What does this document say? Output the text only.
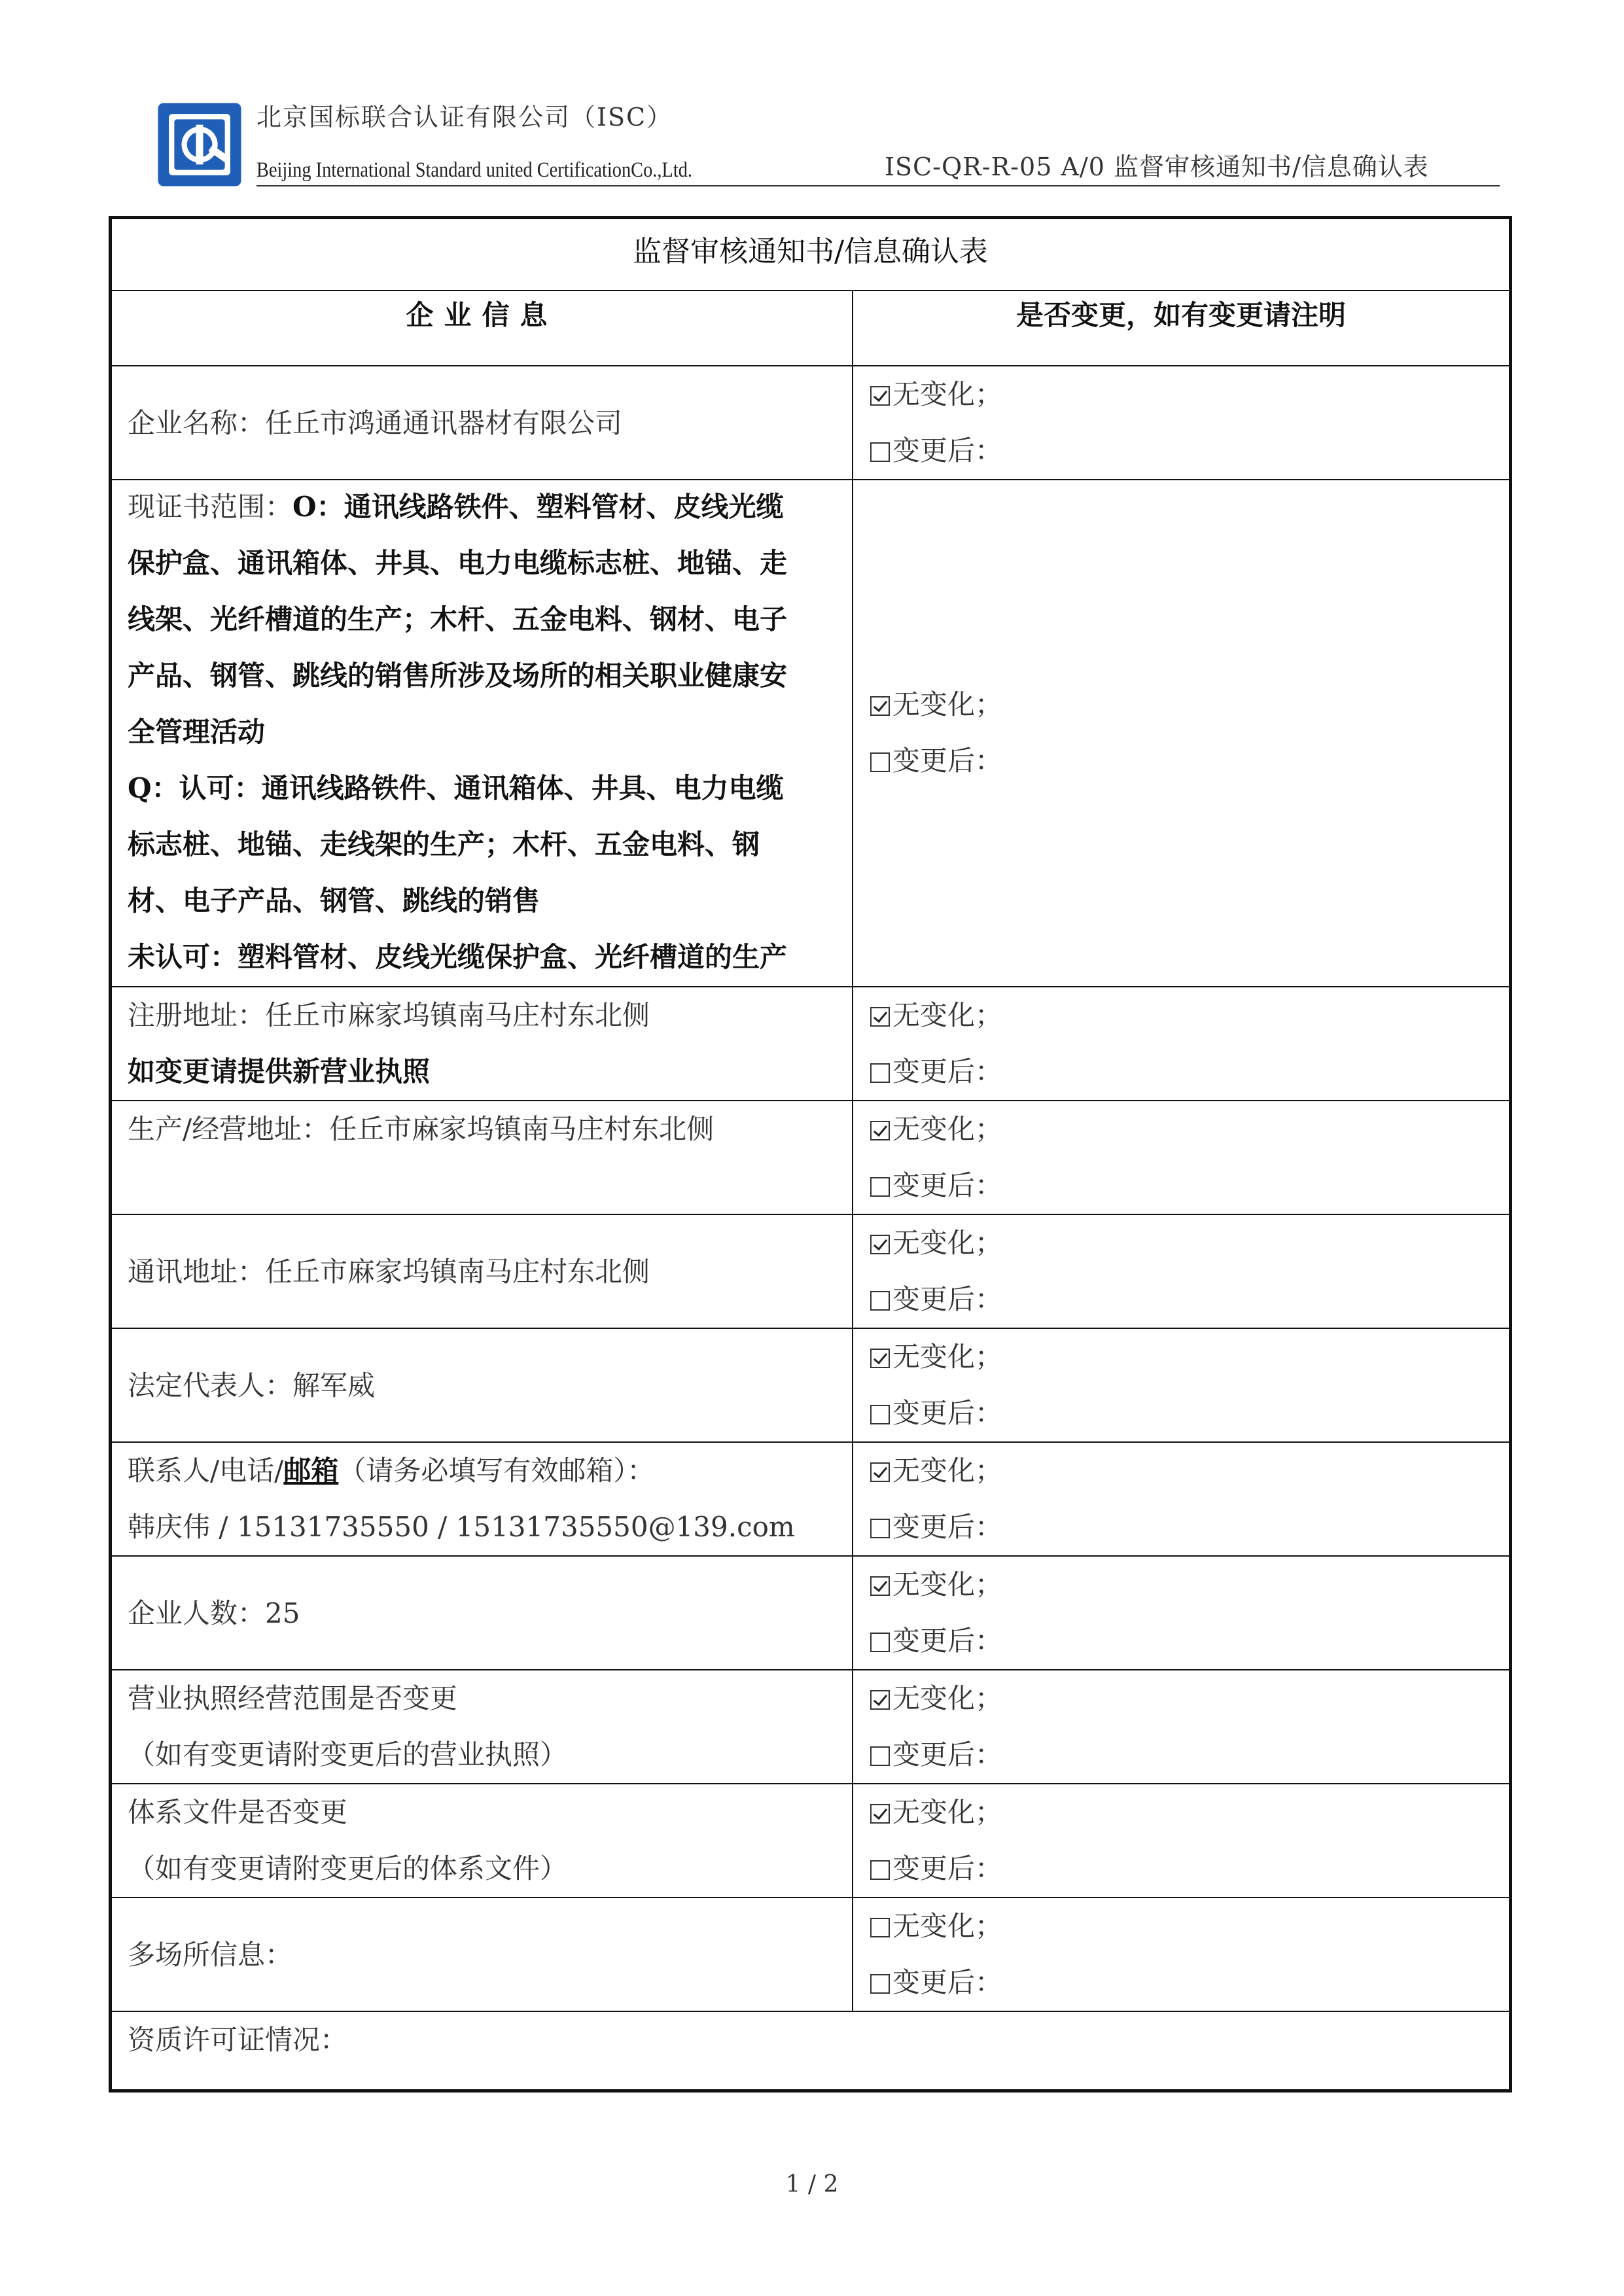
北京国标联合认证有限公司（ISC）
Beijing International Standard united CertificationCo.,Ltd.	ISC-QR-R-05 A/0 监督审核通知书/信息确认表
监督审核通知书/信息确认表
企业信息	是否变更，如有变更请注明
企业名称：任丘市鸿通通讯器材有限公司
无变化；
变更后：
现证书范围：O：通讯线路铁件、塑料管材、皮线光缆
保护盒、通讯箱体、井具、电力电缆标志桩、地锚、走
线架、光纤槽道的生产；木杆、五金电料、钢材、电子
产品、钢管、跳线的销售所涉及场所的相关职业健康安
全管理活动
Q：认可：通讯线路铁件、通讯箱体、井具、电力电缆
标志桩、地锚、走线架的生产；木杆、五金电料、钢
材、电子产品、钢管、跳线的销售
未认可：塑料管材、皮线光缆保护盒、光纤槽道的生产
无变化；
变更后：
注册地址：任丘市麻家坞镇南马庄村东北侧
如变更请提供新营业执照
无变化；
变更后：
生产/经营地址：任丘市麻家坞镇南马庄村东北侧	无变化；
变更后：
通讯地址：任丘市麻家坞镇南马庄村东北侧
无变化；
变更后：
法定代表人：解军威
无变化；
变更后：
联系人/电话/邮箱（请务必填写有效邮箱）：
韩庆伟 / 15131735550 / 15131735550@139.com
无变化；
变更后：
企业人数：25
无变化；
变更后：
营业执照经营范围是否变更
（如有变更请附变更后的营业执照）
无变化；
变更后：
体系文件是否变更
（如有变更请附变更后的体系文件）
无变化；
变更后：
多场所信息：
无变化；
变更后：
资质许可证情况：
1 / 2
